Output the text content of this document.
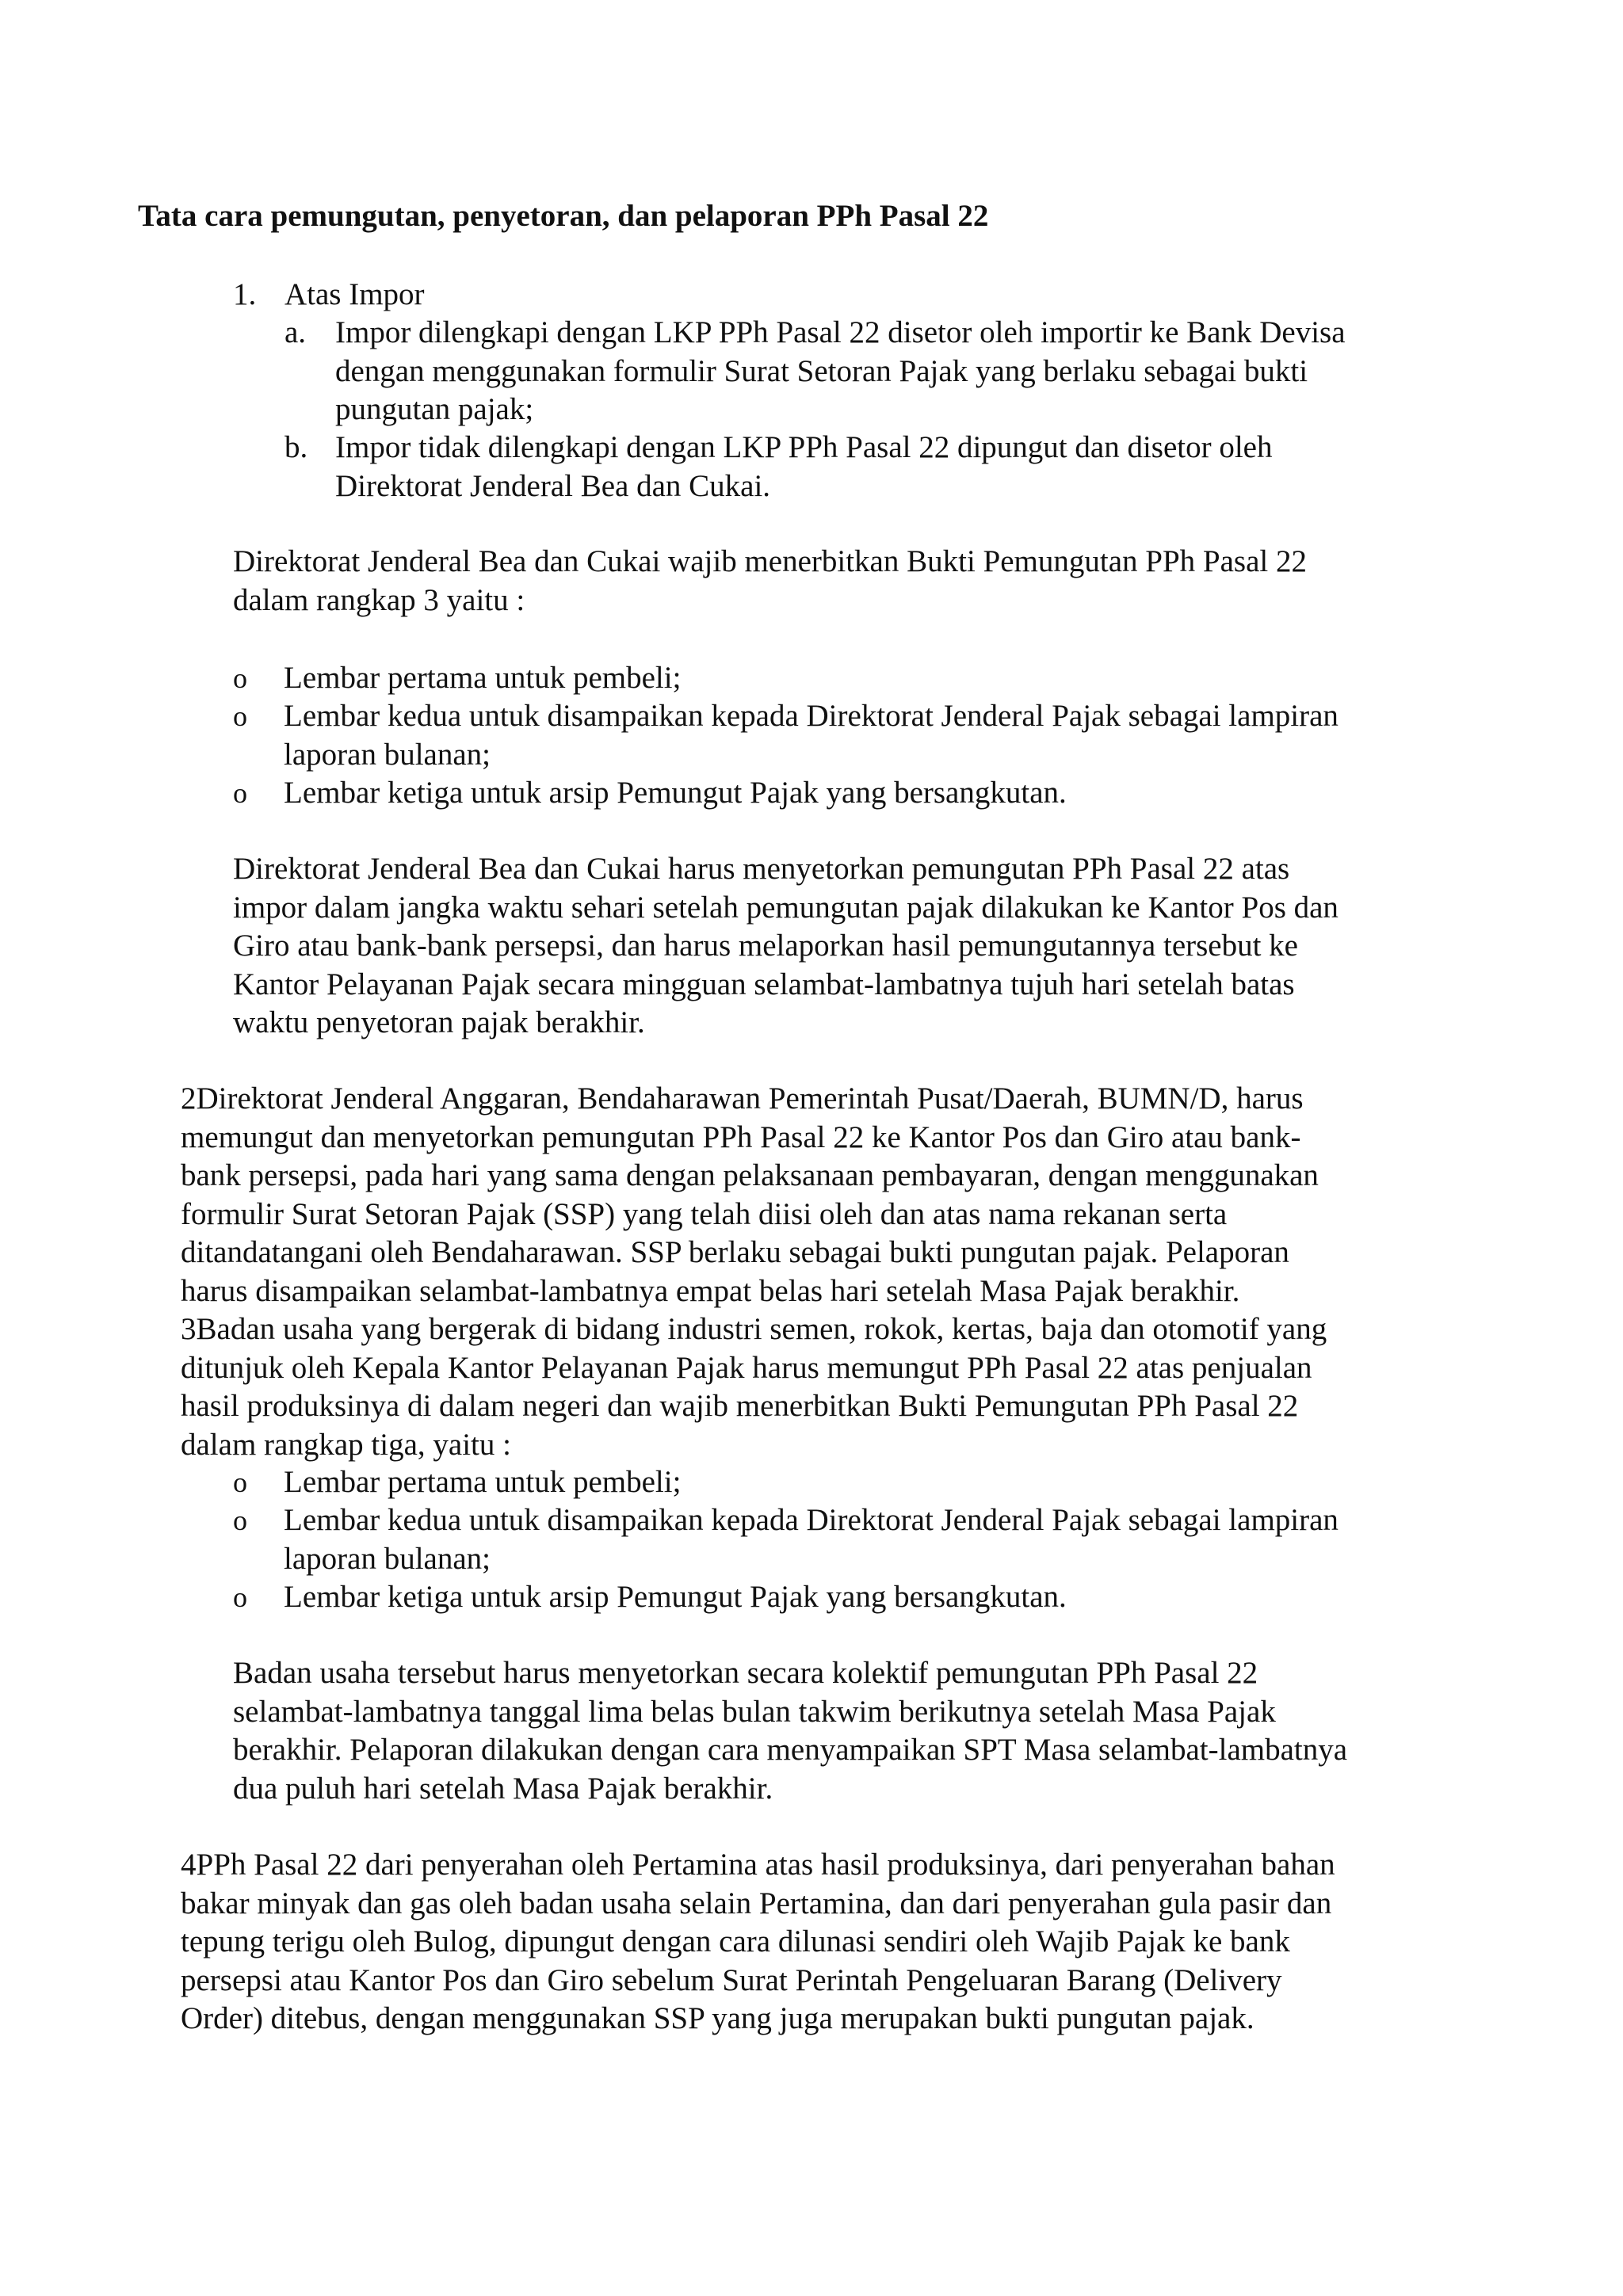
Tata cara pemungutan, penyetoran, dan pelaporan PPh Pasal 22
1. Atas Impor
a. Impor dilengkapi dengan LKP PPh Pasal 22 disetor oleh importir ke Bank Devisa
dengan menggunakan formulir Surat Setoran Pajak yang berlaku sebagai bukti
pungutan pajak;
b. Impor tidak dilengkapi dengan LKP PPh Pasal 22 dipungut dan disetor oleh
Direktorat Jenderal Bea dan Cukai.
Direktorat Jenderal Bea dan Cukai wajib menerbitkan Bukti Pemungutan PPh Pasal 22
dalam rangkap 3 yaitu :
o Lembar pertama untuk pembeli;
o Lembar kedua untuk disampaikan kepada Direktorat Jenderal Pajak sebagai lampiran
laporan bulanan;
o Lembar ketiga untuk arsip Pemungut Pajak yang bersangkutan.
Direktorat Jenderal Bea dan Cukai harus menyetorkan pemungutan PPh Pasal 22 atas
impor dalam jangka waktu sehari setelah pemungutan pajak dilakukan ke Kantor Pos dan
Giro atau bank-bank persepsi, dan harus melaporkan hasil pemungutannya tersebut ke
Kantor Pelayanan Pajak secara mingguan selambat-lambatnya tujuh hari setelah batas
waktu penyetoran pajak berakhir.
2Direktorat Jenderal Anggaran, Bendaharawan Pemerintah Pusat/Daerah, BUMN/D, harus
memungut dan menyetorkan pemungutan PPh Pasal 22 ke Kantor Pos dan Giro atau bank-
bank persepsi, pada hari yang sama dengan pelaksanaan pembayaran, dengan menggunakan
formulir Surat Setoran Pajak (SSP) yang telah diisi oleh dan atas nama rekanan serta
ditandatangani oleh Bendaharawan. SSP berlaku sebagai bukti pungutan pajak. Pelaporan
harus disampaikan selambat-lambatnya empat belas hari setelah Masa Pajak berakhir.
3Badan usaha yang bergerak di bidang industri semen, rokok, kertas, baja dan otomotif yang
ditunjuk oleh Kepala Kantor Pelayanan Pajak harus memungut PPh Pasal 22 atas penjualan
hasil produksinya di dalam negeri dan wajib menerbitkan Bukti Pemungutan PPh Pasal 22
dalam rangkap tiga, yaitu :
o Lembar pertama untuk pembeli;
o Lembar kedua untuk disampaikan kepada Direktorat Jenderal Pajak sebagai lampiran
laporan bulanan;
o Lembar ketiga untuk arsip Pemungut Pajak yang bersangkutan.
Badan usaha tersebut harus menyetorkan secara kolektif pemungutan PPh Pasal 22
selambat-lambatnya tanggal lima belas bulan takwim berikutnya setelah Masa Pajak
berakhir. Pelaporan dilakukan dengan cara menyampaikan SPT Masa selambat-lambatnya
dua puluh hari setelah Masa Pajak berakhir.
4PPh Pasal 22 dari penyerahan oleh Pertamina atas hasil produksinya, dari penyerahan bahan
bakar minyak dan gas oleh badan usaha selain Pertamina, dan dari penyerahan gula pasir dan
tepung terigu oleh Bulog, dipungut dengan cara dilunasi sendiri oleh Wajib Pajak ke bank
persepsi atau Kantor Pos dan Giro sebelum Surat Perintah Pengeluaran Barang (Delivery
Order) ditebus, dengan menggunakan SSP yang juga merupakan bukti pungutan pajak.
